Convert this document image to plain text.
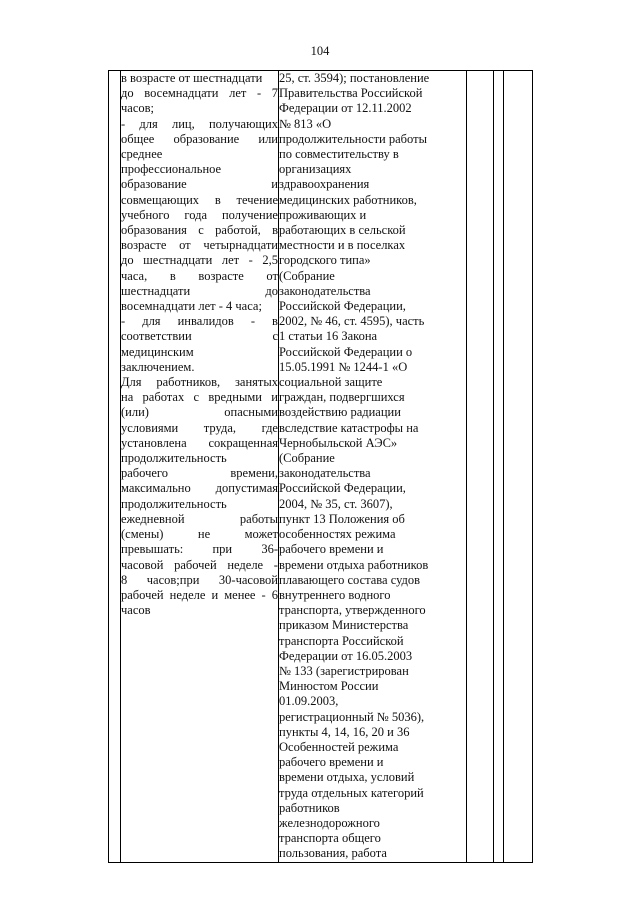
104

в возрасте от шестнадцати
до восемнадцати лет - 7
часов;
- для лиц, получающих
общее образование или
среднее
профессиональное
образование	и
совмещающих в течение
учебного года получение
образования с работой, в
возрасте от четырнадцати
до шестнадцати лет - 2,5
часа, в возрасте от
шестнадцати	до
восемнадцати лет - 4 часа;
- для инвалидов - в
соответствии	с
медицинским
заключением.
Для работников, занятых
на работах с вредными и
(или)	опасными
условиями труда, где
установлена сокращенная
продолжительность
рабочего	времени,
максимально допустимая
продолжительность
ежедневной	работы
(смены)	не	может
превышать: при 36-
часовой рабочей неделе -
8 часов;при 30-часовой
рабочей неделе и менее - 6
часов

25, ст. 3594); постановление
Правительства Российской
Федерации от 12.11.2002
№ 813 «О
продолжительности работы
по совместительству в
организациях
здравоохранения
медицинских работников,
проживающих и
работающих в сельской
местности и в поселках
городского типа»
(Собрание
законодательства
Российской Федерации,
2002, № 46, ст. 4595), часть
1 статьи 16 Закона
Российской Федерации о
15.05.1991 № 1244-1 «О
социальной защите
граждан, подвергшихся
воздействию радиации
вследствие катастрофы на
Чернобыльской АЭС»
(Собрание
законодательства
Российской Федерации,
2004, № 35, ст. 3607),
пункт 13 Положения об
особенностях режима
рабочего времени и
времени отдыха работников
плавающего состава судов
внутреннего водного
транспорта, утвержденного
приказом Министерства
транспорта Российской
Федерации от 16.05.2003
№ 133 (зарегистрирован
Минюстом России
01.09.2003,
регистрационный № 5036),
пункты 4, 14, 16, 20 и 36
Особенностей режима
рабочего времени и
времени отдыха, условий
труда отдельных категорий
работников
железнодорожного
транспорта общего
пользования, работа
